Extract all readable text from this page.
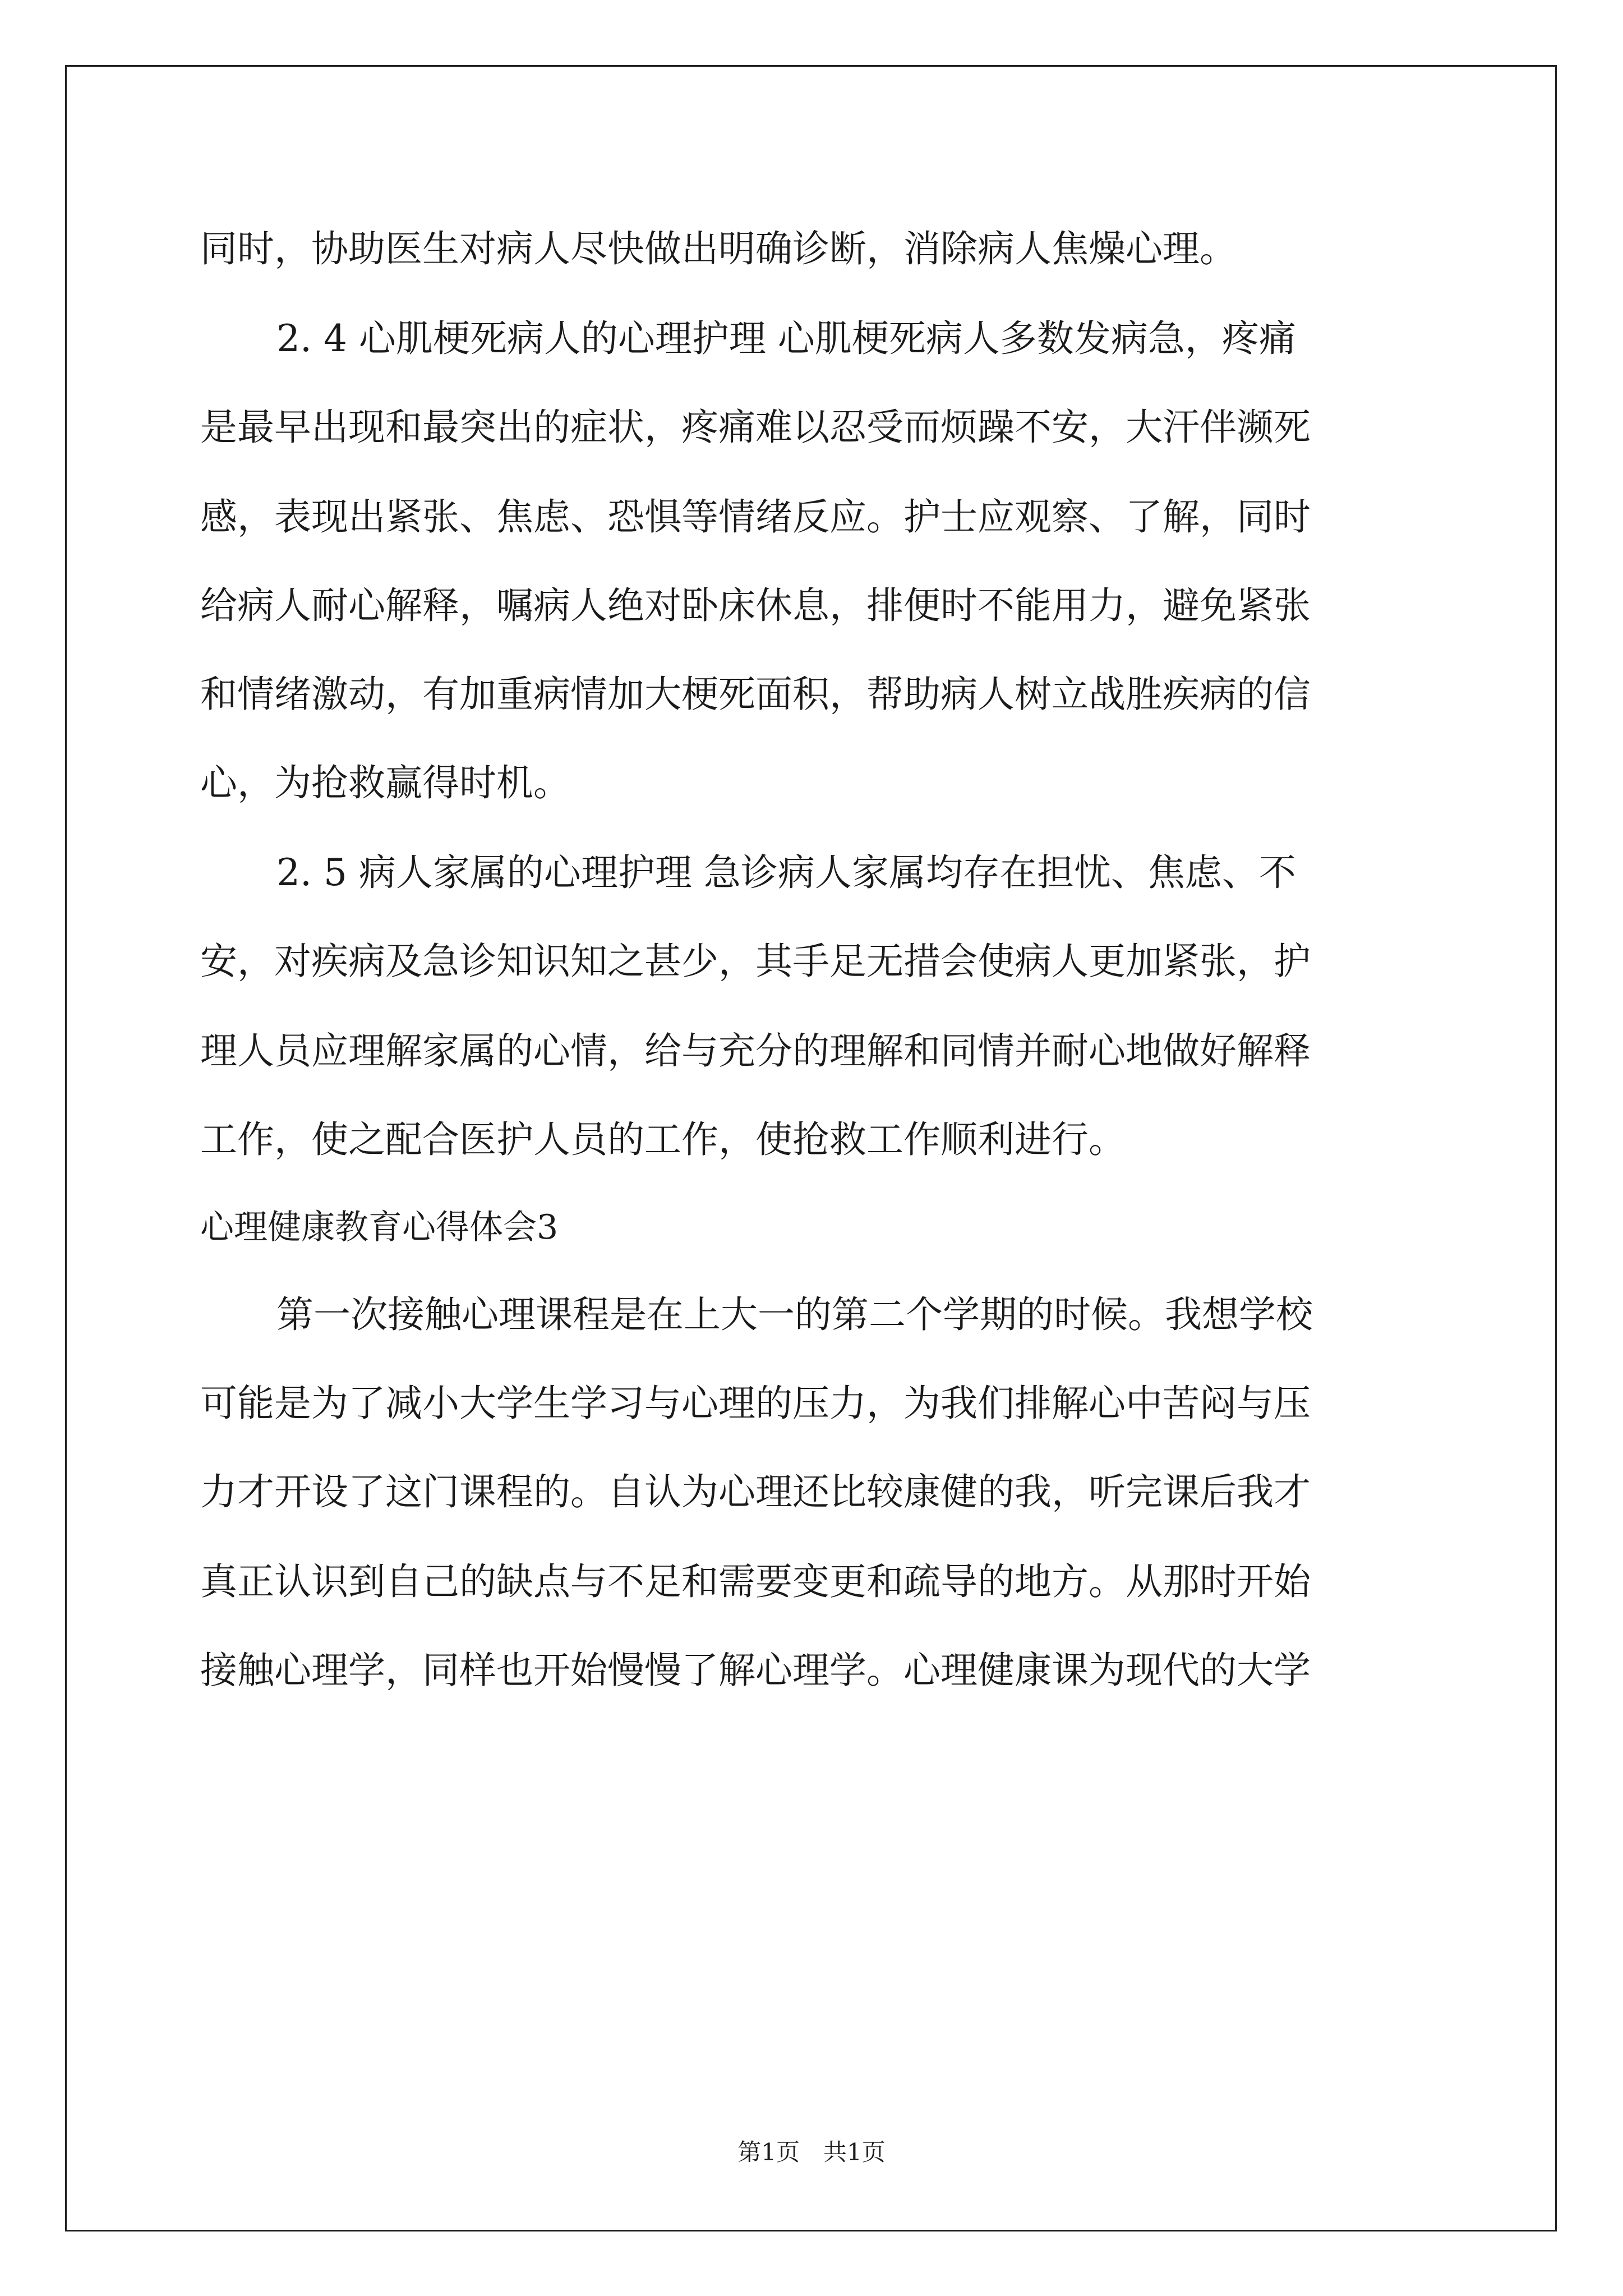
同时，协助医生对病人尽快做出明确诊断，消除病人焦燥心理。
2. 4 心肌梗死病人的心理护理 心肌梗死病人多数发病急，疼痛
是最早出现和最突出的症状，疼痛难以忍受而烦躁不安，大汗伴濒死
感，表现出紧张、焦虑、恐惧等情绪反应。护士应观察、了解，同时
给病人耐心解释，嘱病人绝对卧床休息，排便时不能用力，避免紧张
和情绪激动，有加重病情加大梗死面积，帮助病人树立战胜疾病的信
心，为抢救赢得时机。
2. 5 病人家属的心理护理 急诊病人家属均存在担忧、焦虑、不
安，对疾病及急诊知识知之甚少，其手足无措会使病人更加紧张，护
理人员应理解家属的心情，给与充分的理解和同情并耐心地做好解释
工作，使之配合医护人员的工作，使抢救工作顺利进行。
心理健康教育心得体会3
第一次接触心理课程是在上大一的第二个学期的时候。我想学校
可能是为了减小大学生学习与心理的压力，为我们排解心中苦闷与压
力才开设了这门课程的。自认为心理还比较康健的我，听完课后我才
真正认识到自己的缺点与不足和需要变更和疏导的地方。从那时开始
接触心理学，同样也开始慢慢了解心理学。心理健康课为现代的大学
第1页　共1页
